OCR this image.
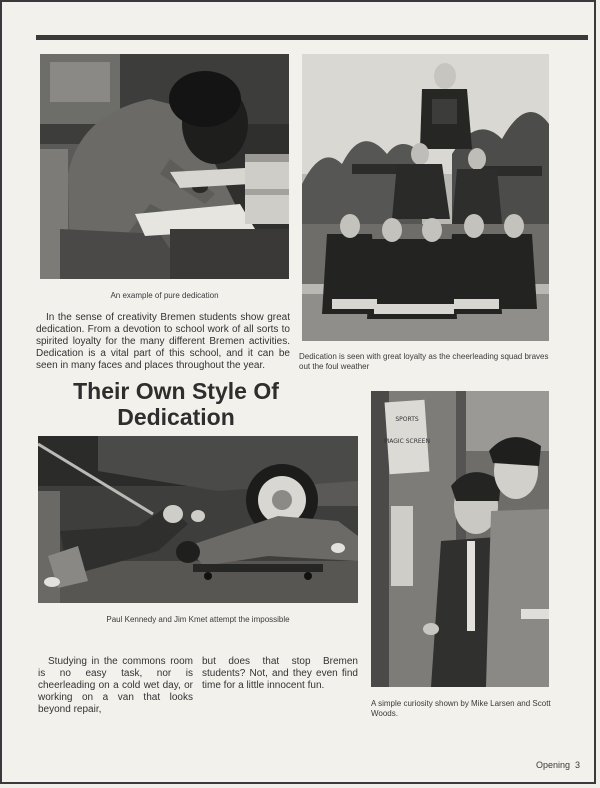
An example of pure dedication
Dedication is seen with great loyalty as the cheerleading squad braves out the foul weather
In the sense of creativity Bremen students show great dedication. From a devotion to school work of all sorts to spirited loyalty for the many different Bremen activities. Dedication is a vital part of this school, and it can be seen in many faces and places throughout the year.
Their Own Style Of
Dedication
Paul Kennedy and Jim Kmet attempt the impossible
Studying in the commons room is no easy task, nor is cheerleading on a cold wet day, or working on a van that looks beyond repair,
but does that stop Bremen students? Not, and they even find time for a little innocent fun.
SPORTS
MAGIC SCREEN
A simple curiosity shown by Mike Larsen and Scott Woods.
Opening 3
